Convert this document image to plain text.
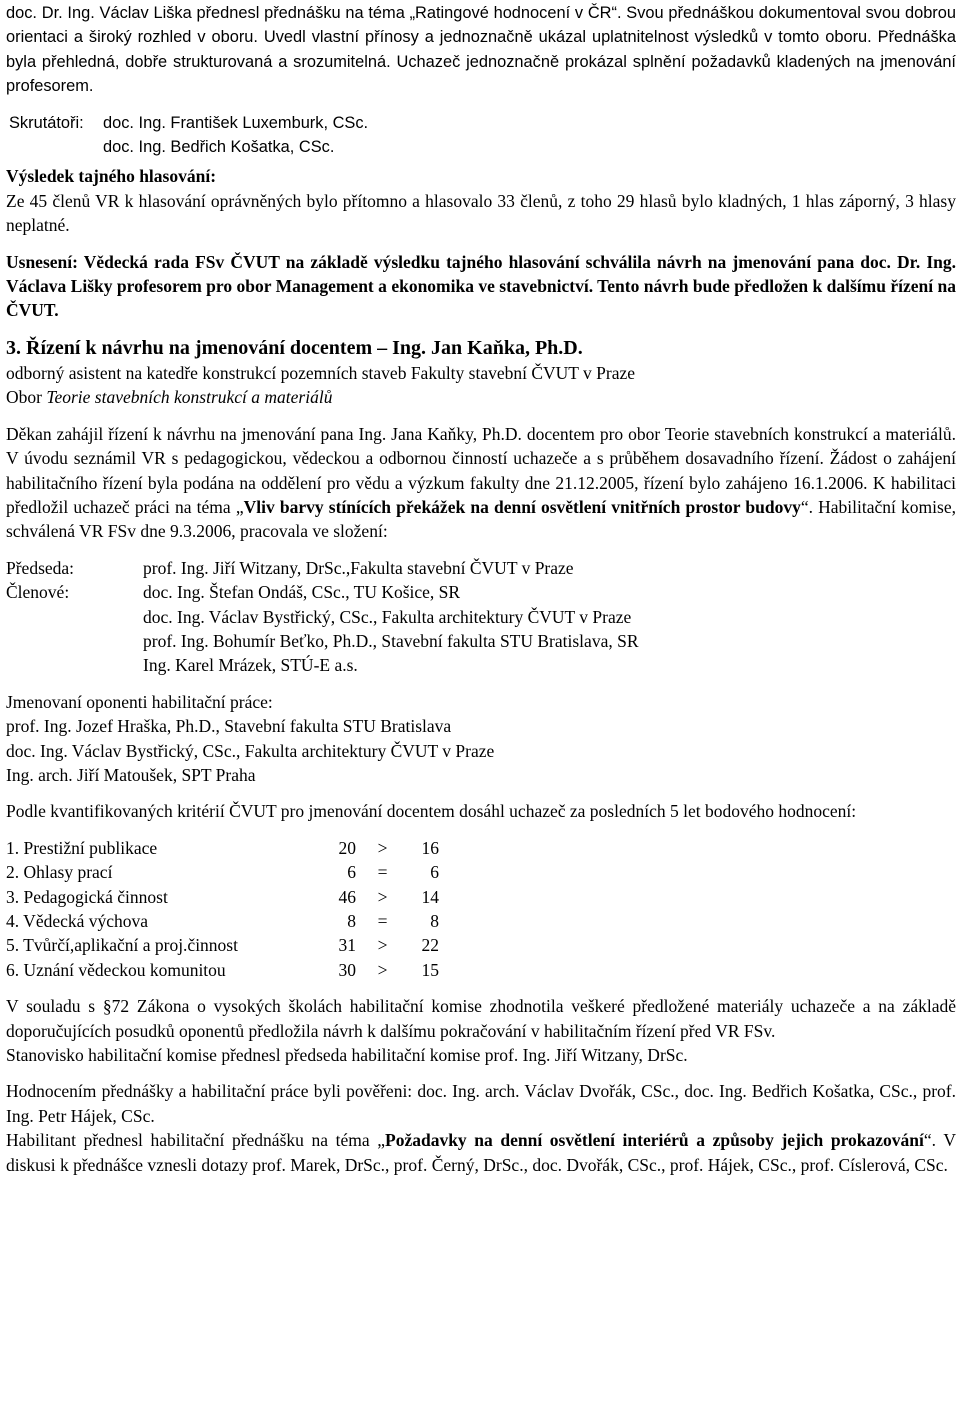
doc. Dr. Ing. Václav Liška přednesl přednášku na téma „Ratingové hodnocení v ČR“. Svou přednáškou dokumentoval svou dobrou orientaci a široký rozhled v oboru. Uvedl vlastní přínosy a jednoznačně ukázal uplatnitelnost výsledků v tomto oboru. Přednáška byla přehledná, dobře strukturovaná a srozumitelná. Uchazeč jednoznačně prokázal splnění požadavků kladených na jmenování profesorem.

Skrutátoři:	doc. Ing. František Luxemburk, CSc.
doc. Ing. Bedřich Košatka, CSc.

Výsledek tajného hlasování:

Ze 45 členů VR k hlasování oprávněných bylo přítomno a hlasovalo 33 členů, z toho 29 hlasů bylo kladných, 1 hlas záporný, 3 hlasy neplatné.

Usnesení: Vědecká rada FSv ČVUT na základě výsledku tajného hlasování schválila návrh na jmenování pana doc. Dr. Ing. Václava Lišky profesorem pro obor Management a ekonomika ve stavebnictví. Tento návrh bude předložen k dalšímu řízení na ČVUT.

3. Řízení k návrhu na jmenování docentem – Ing. Jan Kaňka, Ph.D.

odborný asistent na katedře konstrukcí pozemních staveb Fakulty stavební ČVUT v Praze

Obor Teorie stavebních konstrukcí a materiálů

Děkan zahájil řízení k návrhu na jmenování pana Ing. Jana Kaňky, Ph.D. docentem pro obor Teorie stavebních konstrukcí a materiálů. V úvodu seznámil VR s pedagogickou, vědeckou a odbornou činností uchazeče a s průběhem dosavadního řízení. Žádost o zahájení habilitačního řízení byla podána na oddělení pro vědu a výzkum fakulty dne 21.12.2005, řízení bylo zahájeno 16.1.2006. K habilitaci předložil uchazeč práci na téma „Vliv barvy stínících překážek na denní osvětlení vnitřních prostor budovy“. Habilitační komise, schválená VR FSv dne 9.3.2006, pracovala ve složení:

Předseda:	prof. Ing. Jiří Witzany, DrSc.,Fakulta stavební ČVUT v Praze
Členové:	doc. Ing. Štefan Ondáš, CSc., TU Košice, SR
doc. Ing. Václav Bystřický, CSc., Fakulta architektury ČVUT v Praze
prof. Ing. Bohumír Beťko, Ph.D., Stavební fakulta STU Bratislava, SR
Ing. Karel Mrázek, STÚ-E a.s.

Jmenovaní oponenti habilitační práce:

prof. Ing. Jozef Hraška, Ph.D., Stavební fakulta STU Bratislava

doc. Ing. Václav Bystřický, CSc., Fakulta architektury ČVUT v Praze

Ing. arch. Jiří Matoušek, SPT Praha

Podle kvantifikovaných kritérií ČVUT pro jmenování docentem dosáhl uchazeč za posledních 5 let bodového hodnocení:

1. Prestižní publikace	20	>	16
2. Ohlasy prací	6	=	6
3. Pedagogická činnost	46	>	14
4. Vědecká výchova	8	=	8
5. Tvůrčí,aplikační a proj.činnost	31	>	22
6. Uznání vědeckou komunitou	30	>	15

V souladu s §72 Zákona o vysokých školách habilitační komise zhodnotila veškeré předložené materiály uchazeče a na základě doporučujících posudků oponentů předložila návrh k dalšímu pokračování v habilitačním řízení před VR FSv.

Stanovisko habilitační komise přednesl předseda habilitační komise prof. Ing. Jiří Witzany, DrSc.

Hodnocením přednášky a habilitační práce byli pověřeni: doc. Ing. arch. Václav Dvořák, CSc., doc. Ing. Bedřich Košatka, CSc., prof. Ing. Petr Hájek, CSc.

Habilitant přednesl habilitační přednášku na téma „Požadavky na denní osvětlení interiérů a způsoby jejich prokazování“. V diskusi k přednášce vznesli dotazy prof. Marek, DrSc., prof. Černý, DrSc., doc. Dvořák, CSc., prof. Hájek, CSc., prof. Císlerová, CSc.
